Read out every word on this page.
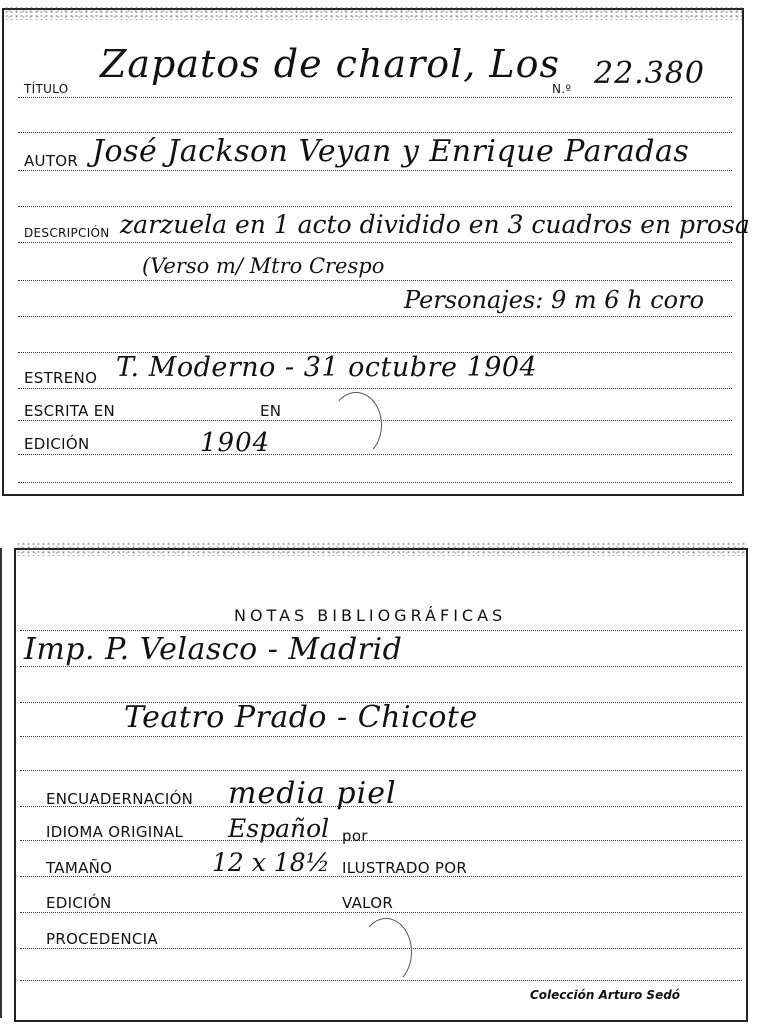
TÍTULO
Zapatos de charol, Los
N.º 22.380
AUTOR José Jackson Veyan y Enrique Paradas
DESCRIPCIÓN zarzuela en 1 acto dividido en 3 cuadros en prosa
(Verso m/ Mtro Crespo
Personajes: 9 m 6 h coro
ESTRENO T. Moderno - 31 octubre 1904
ESCRITA EN	EN
EDICIÓN	1904
NOTAS BIBLIOGRÁFICAS
Imp. P. Velasco - Madrid
Teatro Prado - Chicote
ENCUADERNACIÓN media piel
IDIOMA ORIGINAL Español por
TAMAÑO	12 x 18½ ILUSTRADO POR
EDICIÓN	VALOR
PROCEDENCIA
Colección Arturo Sedó
